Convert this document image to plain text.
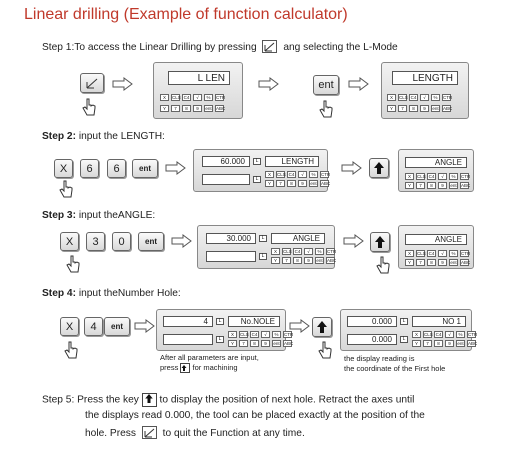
Linear drilling (Example of function calculator)
Step 1:To access the Linear Drilling by pressing	ang selecting the L-Mode
L LEN
X	CLS C4	√	%	CTR
Y	7	8	9	ent ABC
ent
LENGTH
X	CLS C4	√	%	CTR
Y	7	8	9	ent ABC
Step 2: input the LENGTH:
X	6	6	ent
60.000	L	LENGTH
L
X	CLS C4	√	%	CTR
Y	7	8	9	ent ABC
ANGLE
X	CLS C4	√	%	CTR
Y	7	8	9	ent ABC
Step 3: input theANGLE:
X	3	0	ent	30.000	L	ANGLE
L
X	CLS C4	√	%	CTR
Y	7	8	9	ent ABC
ANGLE
X	CLS C4	√	%	CTR
Y	7	8	9	ent ABC
Step 4: input theNumber Hole:
X	4	ent
4	L	No.NOLE
L
X	CLS C4	√	%	CTR
Y	7	8	9	ent ABC
0.000	L	NO 1
0.000	L
X	CLS C4	√	%	CTR
Y	7	8	9	ent ABC
After all parameters are input,
press for machining
the display reading is
the coordinate of the First hole
Step 5: Press the key to display the position of next hole. Retract the axes until
the displays read 0.000, the tool can be placed exactly at the position of the
hole. Press	to quit the Function at any time.
